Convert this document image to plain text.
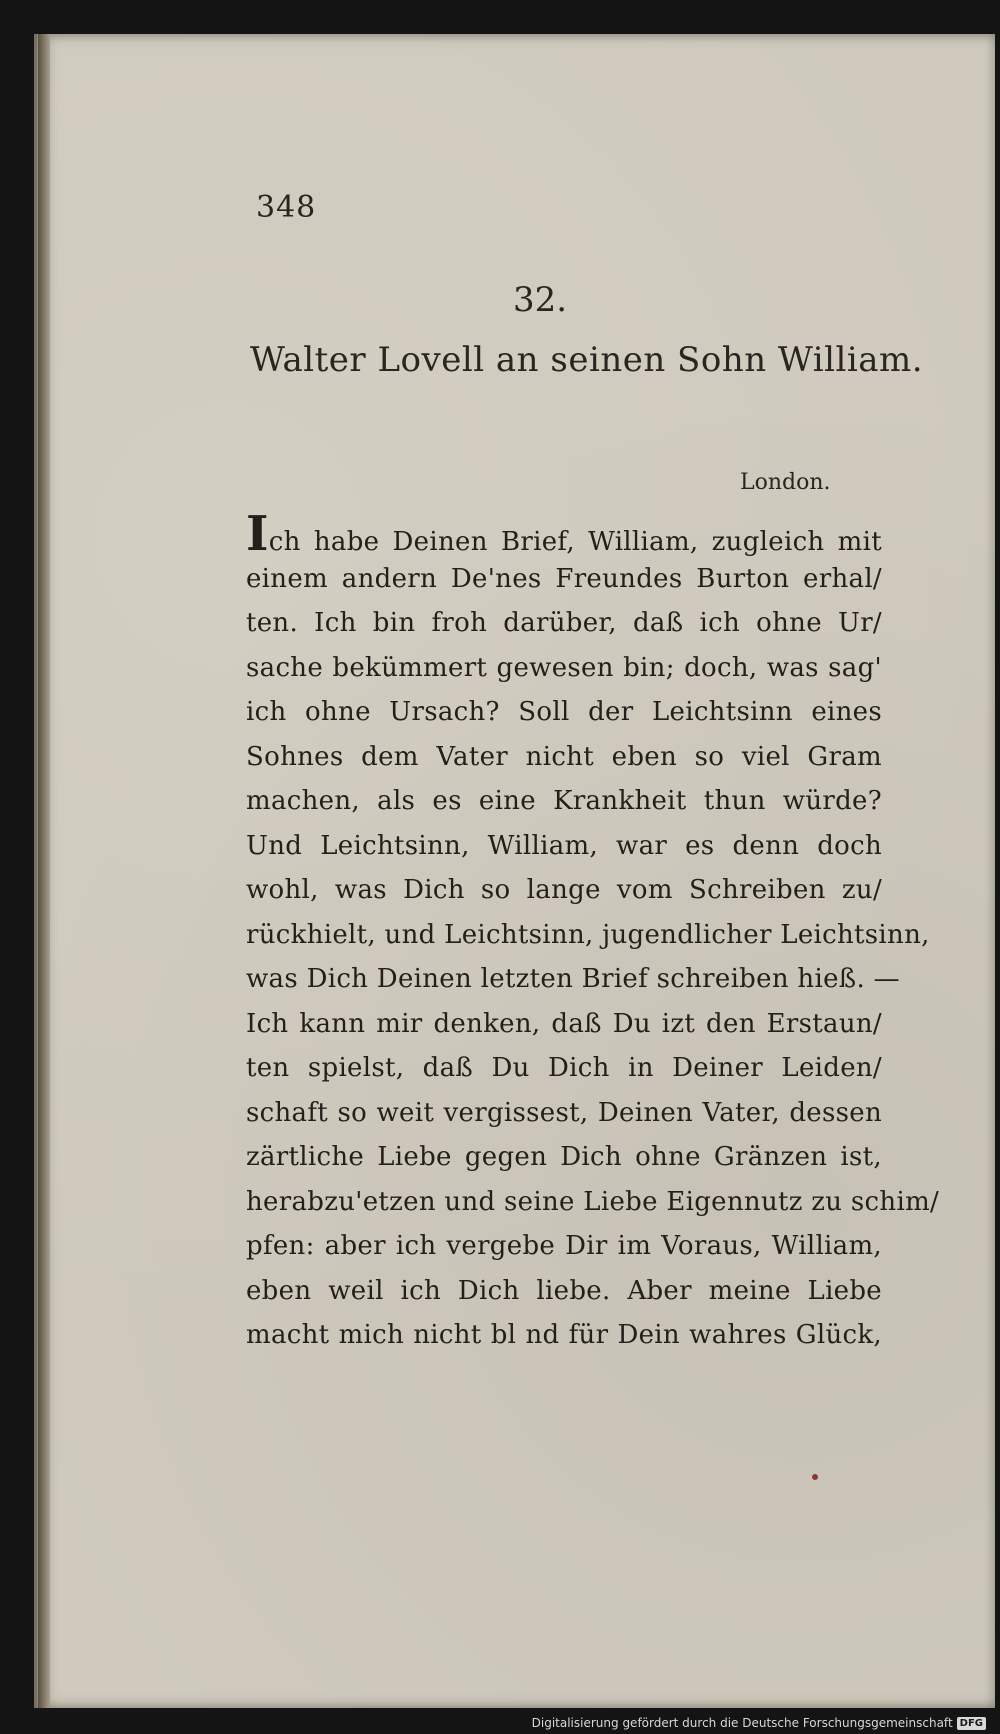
348
32.
Walter Lovell an seinen Sohn William.
London.
Ich habe Deinen Brief, William, zugleich mit
einem andern De'nes Freundes Burton erhal/
ten. Ich bin froh darüber, daß ich ohne Ur/
sache bekümmert gewesen bin; doch, was sag'
ich ohne Ursach? Soll der Leichtsinn eines
Sohnes dem Vater nicht eben so viel Gram
machen, als es eine Krankheit thun würde?
Und Leichtsinn, William, war es denn doch
wohl, was Dich so lange vom Schreiben zu/
rückhielt, und Leichtsinn, jugendlicher Leichtsinn,
was Dich Deinen letzten Brief schreiben hieß. —
Ich kann mir denken, daß Du izt den Erstaun/
ten spielst, daß Du Dich in Deiner Leiden/
schaft so weit vergissest, Deinen Vater, dessen
zärtliche Liebe gegen Dich ohne Gränzen ist,
herabzu'etzen und seine Liebe Eigennutz zu schim/
pfen: aber ich vergebe Dir im Voraus, William,
eben weil ich Dich liebe. Aber meine Liebe
macht mich nicht bl nd für Dein wahres Glück,
Digitalisierung gefördert durch die Deutsche Forschungsgemeinschaft DFG
